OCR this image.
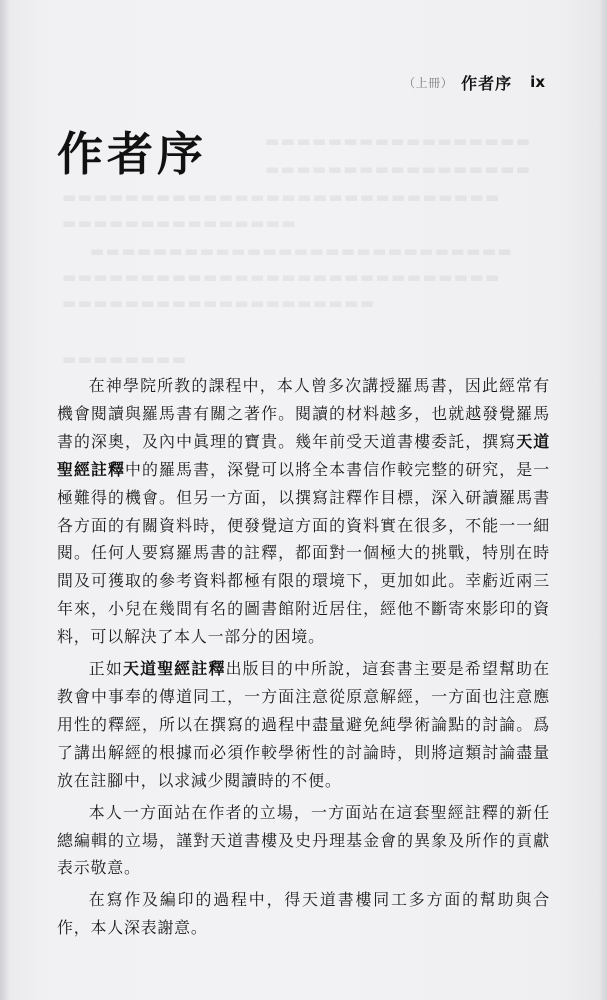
▬▬▬▬▬▬▬▬▬▬▬▬▬▬▬▬▬
▬▬▬▬▬▬▬▬▬▬▬▬▬▬▬▬▬
▬▬▬▬▬▬▬▬▬▬▬▬▬▬▬▬▬▬▬▬▬▬▬▬▬▬▬▬
▬▬▬▬▬▬▬▬▬▬▬▬▬▬▬
▬▬▬▬▬▬▬▬▬▬▬▬▬▬▬▬▬▬▬▬▬▬▬▬▬▬▬
▬▬▬▬▬▬▬▬▬▬▬▬▬▬▬▬▬▬▬▬▬▬▬▬▬▬▬▬
▬▬▬▬▬▬▬▬▬▬▬▬▬▬▬▬▬▬▬▬
▬▬▬▬▬▬▬▬
（上冊） 作者序 ix
作者序

在神學院所教的課程中，本人曾多次講授羅馬書，因此經常有機會閱讀與羅馬書有關之著作。閱讀的材料越多，也就越發覺羅馬書的深奧，及內中眞理的寶貴。幾年前受天道書樓委託，撰寫天道聖經註釋中的羅馬書，深覺可以將全本書信作較完整的研究，是一極難得的機會。但另一方面，以撰寫註釋作目標，深入研讀羅馬書各方面的有關資料時，便發覺這方面的資料實在很多，不能一一細閱。任何人要寫羅馬書的註釋，都面對一個極大的挑戰，特別在時間及可獲取的參考資料都極有限的環境下，更加如此。幸虧近兩三年來，小兒在幾間有名的圖書館附近居住，經他不斷寄來影印的資料，可以解決了本人一部分的困境。

正如天道聖經註釋出版目的中所說，這套書主要是希望幫助在教會中事奉的傳道同工，一方面注意從原意解經，一方面也注意應用性的釋經，所以在撰寫的過程中盡量避免純學術論點的討論。爲了講出解經的根據而必須作較學術性的討論時，則將這類討論盡量放在註腳中，以求減少閱讀時的不便。

本人一方面站在作者的立場，一方面站在這套聖經註釋的新任總編輯的立場，謹對天道書樓及史丹理基金會的異象及所作的貢獻表示敬意。

在寫作及編印的過程中，得天道書樓同工多方面的幫助與合作，本人深表謝意。
